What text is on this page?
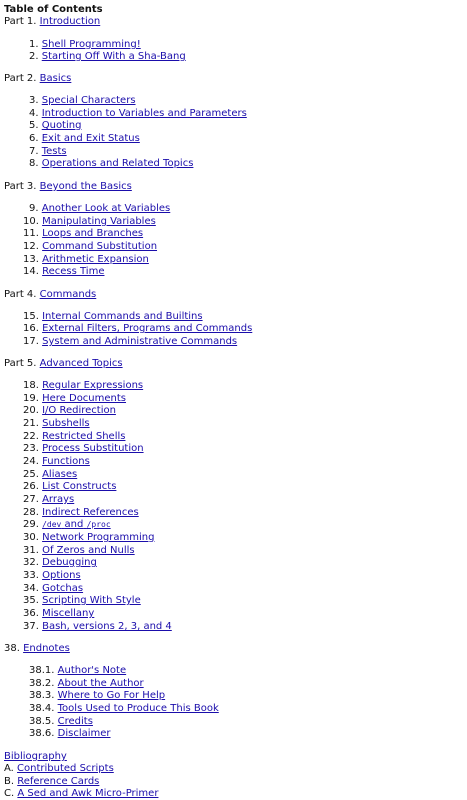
Table of Contents
Part 1. Introduction
1. Shell Programming!
2. Starting Off With a Sha-Bang
Part 2. Basics
3. Special Characters
4. Introduction to Variables and Parameters
5. Quoting
6. Exit and Exit Status
7. Tests
8. Operations and Related Topics
Part 3. Beyond the Basics
9. Another Look at Variables
10. Manipulating Variables
11. Loops and Branches
12. Command Substitution
13. Arithmetic Expansion
14. Recess Time
Part 4. Commands
15. Internal Commands and Builtins
16. External Filters, Programs and Commands
17. System and Administrative Commands
Part 5. Advanced Topics
18. Regular Expressions
19. Here Documents
20. I/O Redirection
21. Subshells
22. Restricted Shells
23. Process Substitution
24. Functions
25. Aliases
26. List Constructs
27. Arrays
28. Indirect References
29. /dev and /proc
30. Network Programming
31. Of Zeros and Nulls
32. Debugging
33. Options
34. Gotchas
35. Scripting With Style
36. Miscellany
37. Bash, versions 2, 3, and 4
38. Endnotes
38.1. Author's Note
38.2. About the Author
38.3. Where to Go For Help
38.4. Tools Used to Produce This Book
38.5. Credits
38.6. Disclaimer
Bibliography
A. Contributed Scripts
B. Reference Cards
C. A Sed and Awk Micro-Primer
